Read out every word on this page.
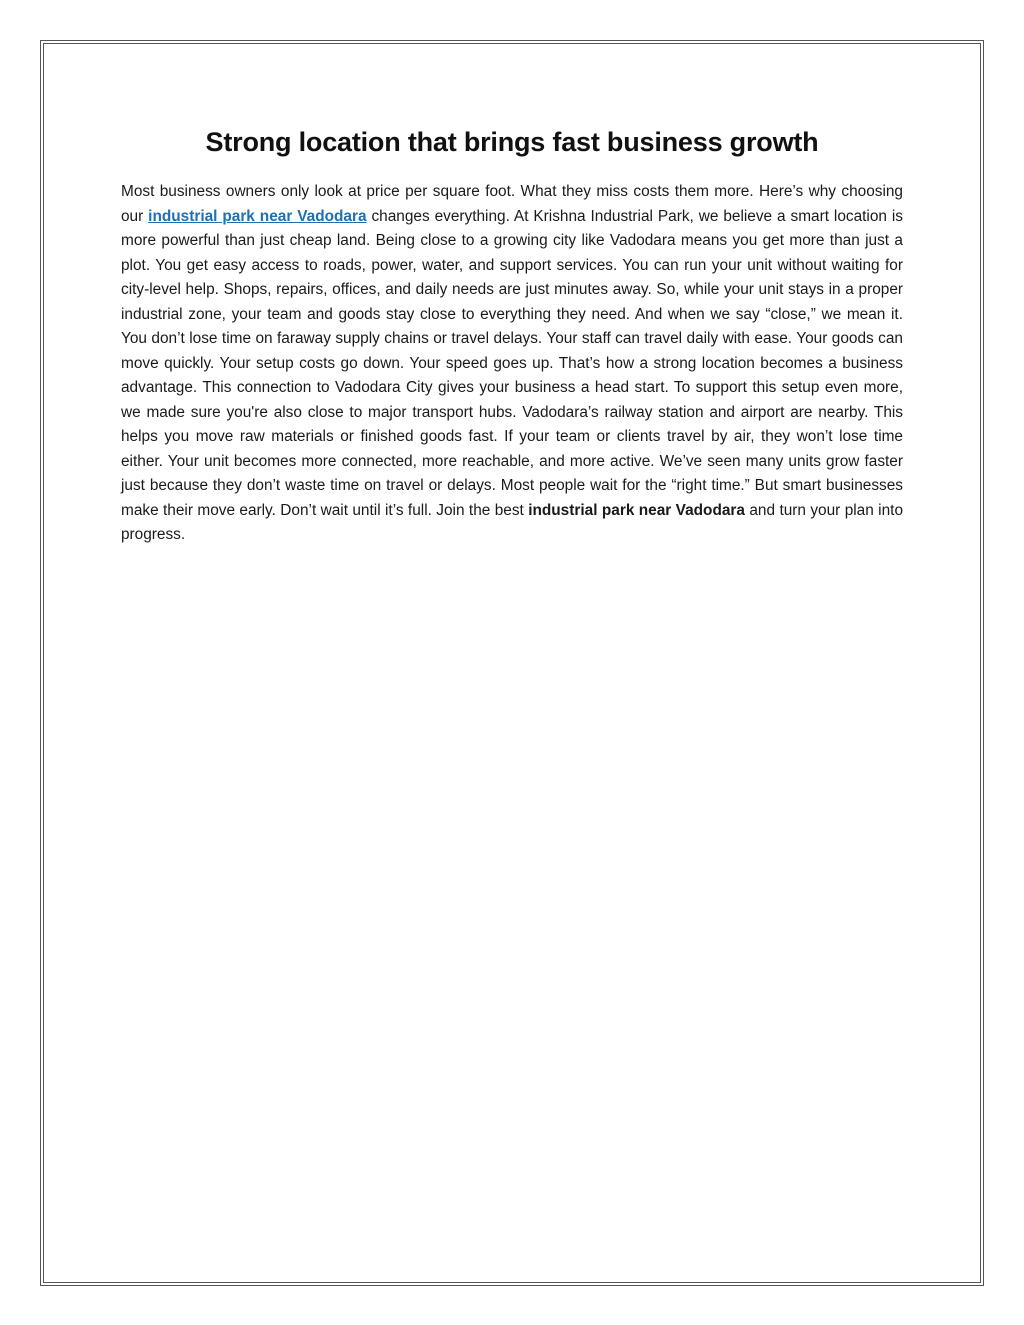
Strong location that brings fast business growth

Most business owners only look at price per square foot. What they miss costs them more. Here’s why choosing our industrial park near Vadodara changes everything. At Krishna Industrial Park, we believe a smart location is more powerful than just cheap land. Being close to a growing city like Vadodara means you get more than just a plot. You get easy access to roads, power, water, and support services. You can run your unit without waiting for city-level help. Shops, repairs, offices, and daily needs are just minutes away. So, while your unit stays in a proper industrial zone, your team and goods stay close to everything they need. And when we say “close,” we mean it. You don’t lose time on faraway supply chains or travel delays. Your staff can travel daily with ease. Your goods can move quickly. Your setup costs go down. Your speed goes up. That’s how a strong location becomes a business advantage. This connection to Vadodara City gives your business a head start. To support this setup even more, we made sure you're also close to major transport hubs. Vadodara’s railway station and airport are nearby. This helps you move raw materials or finished goods fast. If your team or clients travel by air, they won’t lose time either. Your unit becomes more connected, more reachable, and more active. We’ve seen many units grow faster just because they don’t waste time on travel or delays. Most people wait for the “right time.” But smart businesses make their move early. Don’t wait until it’s full. Join the best industrial park near Vadodara and turn your plan into progress.
